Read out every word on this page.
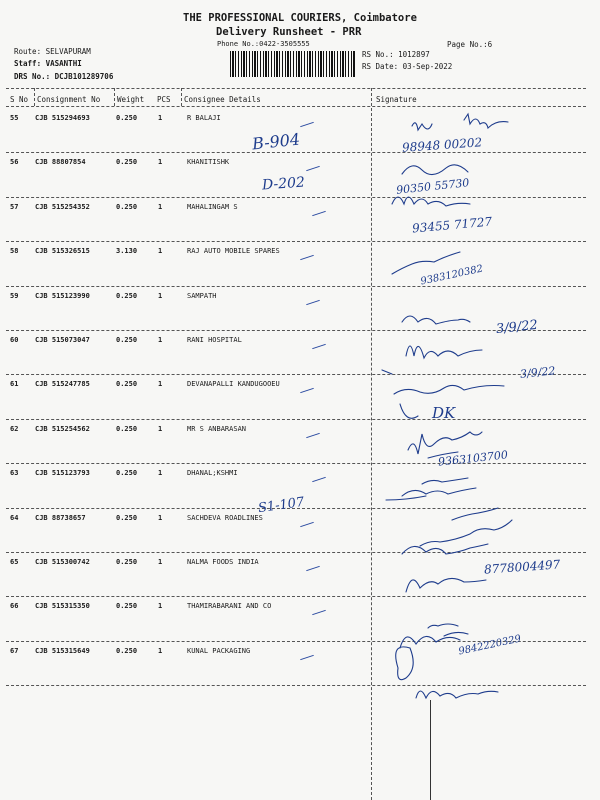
THE PROFESSIONAL COURIERS, Coimbatore
Delivery Runsheet - PRR
Phone No.:0422-3505555	Page No.:6
Route: SELVAPURAM
Staff: VASANTHI
DRS No.: DCJB101289706
RS No.: 1012897
RS Date: 03-Sep-2022
S No Consignment No Weight PCS Consignee Details	Signature
55 CJB 515294693	0.250	1	R BALAJI
56 CJB 88807854	0.250	1	KHANITISHK
57 CJB 515254352	0.250	1	MAHALINGAM S
58 CJB 515326515	3.130	1	RAJ AUTO MOBILE SPARES
59 CJB 515123990	0.250	1	SAMPATH
60 CJB 515073047	0.250	1	RANI HOSPITAL
61 CJB 515247785	0.250	1	DEVANAPALLI KANDUGOOEU
62 CJB 515254562	0.250	1	MR S ANBARASAN
63 CJB 515123793	0.250	1	DHANAL;KSHMI
64 CJB 88738657	0.250	1	SACHDEVA ROADLINES
65 CJB 515300742	0.250	1	NALMA FOODS INDIA
66 CJB 515315350	0.250	1	THAMIRABARANI AND CO
67 CJB 515315649	0.250	1	KUNAL PACKAGING
B-904
D-202
S1-107
98948 00202
90350 55730
93455 71727
9383120382
3/9/22
3/9/22
DK
9363103700
8778004497
9842220329
